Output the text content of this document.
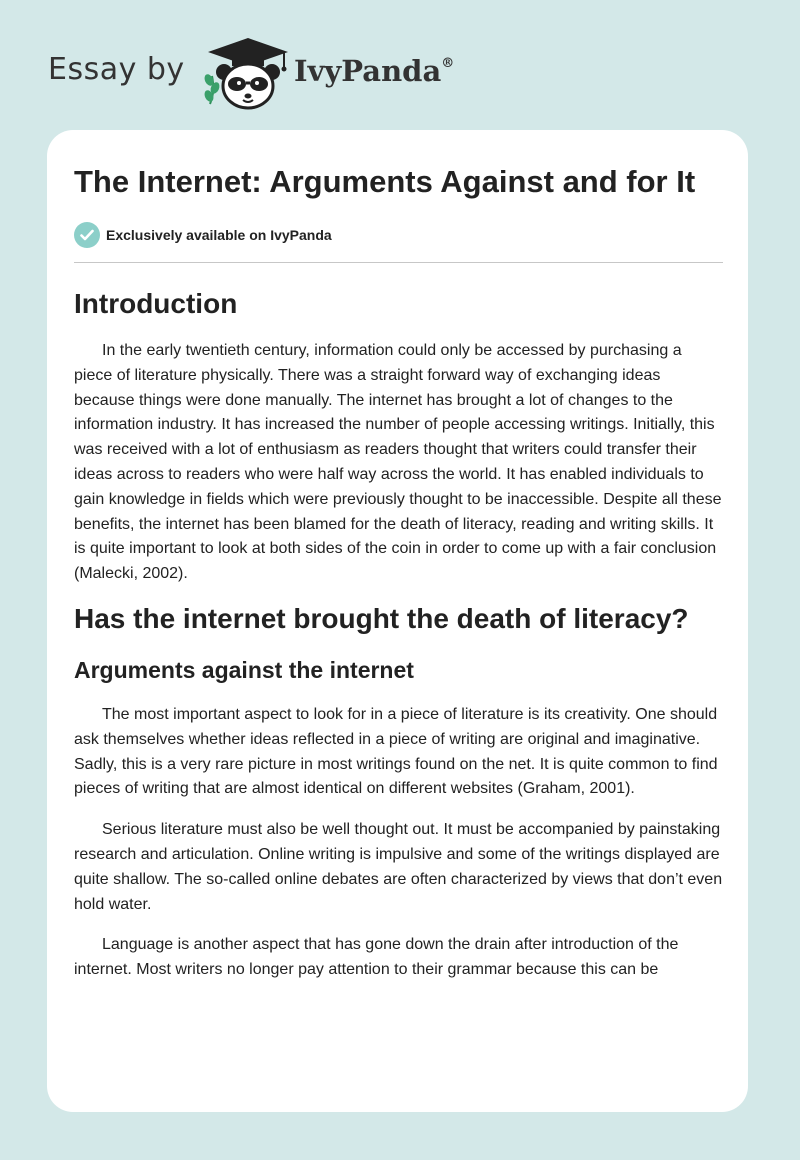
Essay by	IvyPanda®
The Internet: Arguments Against and for It
Exclusively available on IvyPanda
Introduction

In the early twentieth century, information could only be accessed by purchasing a piece of literature physically. There was a straight forward way of exchanging ideas because things were done manually. The internet has brought a lot of changes to the information industry. It has increased the number of people accessing writings. Initially, this was received with a lot of enthusiasm as readers thought that writers could transfer their ideas across to readers who were half way across the world. It has enabled individuals to gain knowledge in fields which were previously thought to be inaccessible. Despite all these benefits, the internet has been blamed for the death of literacy, reading and writing skills. It is quite important to look at both sides of the coin in order to come up with a fair conclusion (Malecki, 2002).

Has the internet brought the death of literacy?
Arguments against the internet

The most important aspect to look for in a piece of literature is its creativity. One should ask themselves whether ideas reflected in a piece of writing are original and imaginative. Sadly, this is a very rare picture in most writings found on the net. It is quite common to find pieces of writing that are almost identical on different websites (Graham, 2001).

Serious literature must also be well thought out. It must be accompanied by painstaking research and articulation. Online writing is impulsive and some of the writings displayed are quite shallow. The so-called online debates are often characterized by views that don’t even hold water.

Language is another aspect that has gone down the drain after introduction of the internet. Most writers no longer pay attention to their grammar because this can be
